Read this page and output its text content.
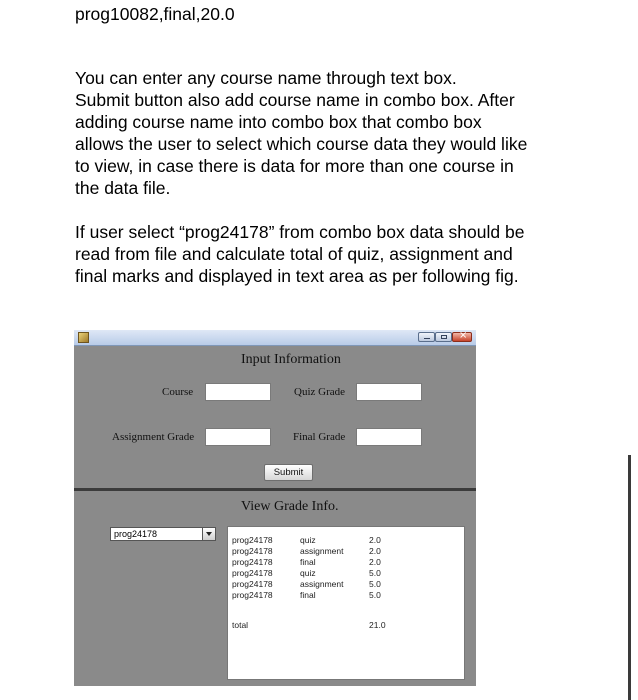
prog10082,final,20.0
You can enter any course name through text box.
Submit button also add course name in combo box. After
adding course name into combo box that combo box
allows the user to select which course data they would like
to view, in case there is data for more than one course in
the data file.
If user select “prog24178” from combo box data should be
read from file and calculate total of quiz, assignment and
final marks and displayed in text area as per following fig.
×
Input Information
Course	Quiz Grade
Assignment Grade	Final Grade
Submit
View Grade Info.
prog24178
prog24178	quiz	2.0
prog24178	assignment	2.0
prog24178	final	2.0
prog24178	quiz	5.0
prog24178	assignment	5.0
prog24178	final	5.0
total	21.0
